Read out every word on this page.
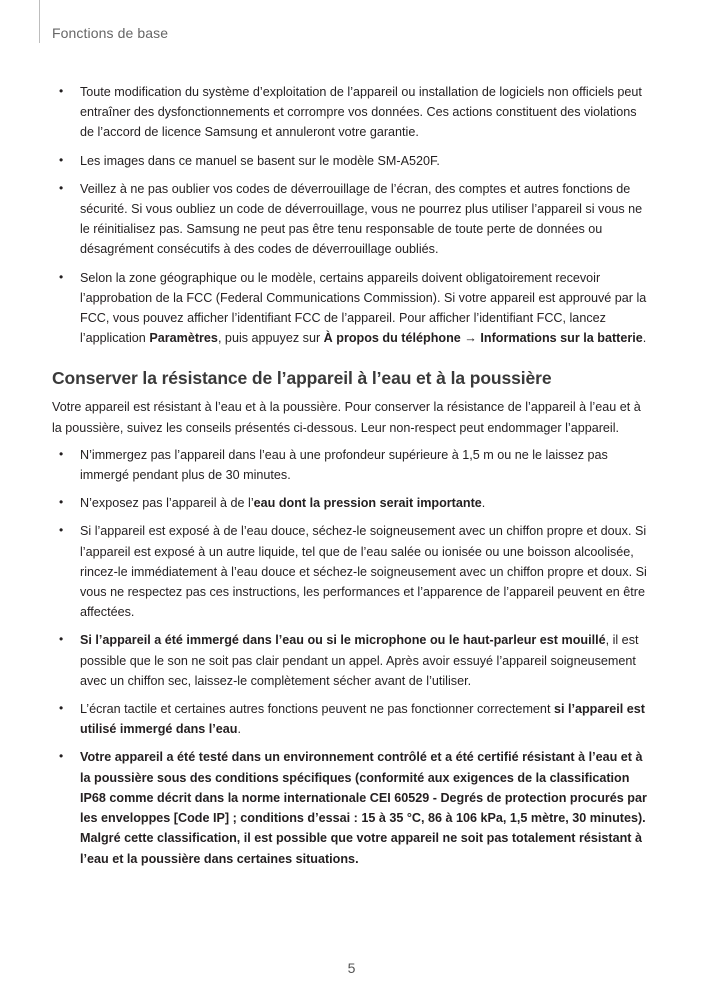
Fonctions de base
• Toute modification du système d’exploitation de l’appareil ou installation de logiciels non officiels peut entraîner des dysfonctionnements et corrompre vos données. Ces actions constituent des violations de l’accord de licence Samsung et annuleront votre garantie.
• Les images dans ce manuel se basent sur le modèle SM-A520F.
• Veillez à ne pas oublier vos codes de déverrouillage de l’écran, des comptes et autres fonctions de sécurité. Si vous oubliez un code de déverrouillage, vous ne pourrez plus utiliser l’appareil si vous ne le réinitialisez pas. Samsung ne peut pas être tenu responsable de toute perte de données ou désagrément consécutifs à des codes de déverrouillage oubliés.
• Selon la zone géographique ou le modèle, certains appareils doivent obligatoirement recevoir l’approbation de la FCC (Federal Communications Commission). Si votre appareil est approuvé par la FCC, vous pouvez afficher l’identifiant FCC de l’appareil. Pour afficher l’identifiant FCC, lancez l’application Paramètres, puis appuyez sur À propos du téléphone → Informations sur la batterie.
Conserver la résistance de l’appareil à l’eau et à la poussière

Votre appareil est résistant à l’eau et à la poussière. Pour conserver la résistance de l’appareil à l’eau et à la poussière, suivez les conseils présentés ci-dessous. Leur non-respect peut endommager l’appareil.

• N’immergez pas l’appareil dans l’eau à une profondeur supérieure à 1,5 m ou ne le laissez pas immergé pendant plus de 30 minutes.
• N’exposez pas l’appareil à de l’eau dont la pression serait importante.
• Si l’appareil est exposé à de l’eau douce, séchez-le soigneusement avec un chiffon propre et doux. Si l’appareil est exposé à un autre liquide, tel que de l’eau salée ou ionisée ou une boisson alcoolisée, rincez-le immédiatement à l’eau douce et séchez-le soigneusement avec un chiffon propre et doux. Si vous ne respectez pas ces instructions, les performances et l’apparence de l’appareil peuvent en être affectées.
• Si l’appareil a été immergé dans l’eau ou si le microphone ou le haut-parleur est mouillé, il est possible que le son ne soit pas clair pendant un appel. Après avoir essuyé l’appareil soigneusement avec un chiffon sec, laissez-le complètement sécher avant de l’utiliser.
• L’écran tactile et certaines autres fonctions peuvent ne pas fonctionner correctement si l’appareil est utilisé immergé dans l’eau.
• Votre appareil a été testé dans un environnement contrôlé et a été certifié résistant à l’eau et à la poussière sous des conditions spécifiques (conformité aux exigences de la classification IP68 comme décrit dans la norme internationale CEI 60529 - Degrés de protection procurés par les enveloppes [Code IP] ; conditions d’essai : 15 à 35 °C, 86 à 106 kPa, 1,5 mètre, 30 minutes). Malgré cette classification, il est possible que votre appareil ne soit pas totalement résistant à l’eau et la poussière dans certaines situations.
5
